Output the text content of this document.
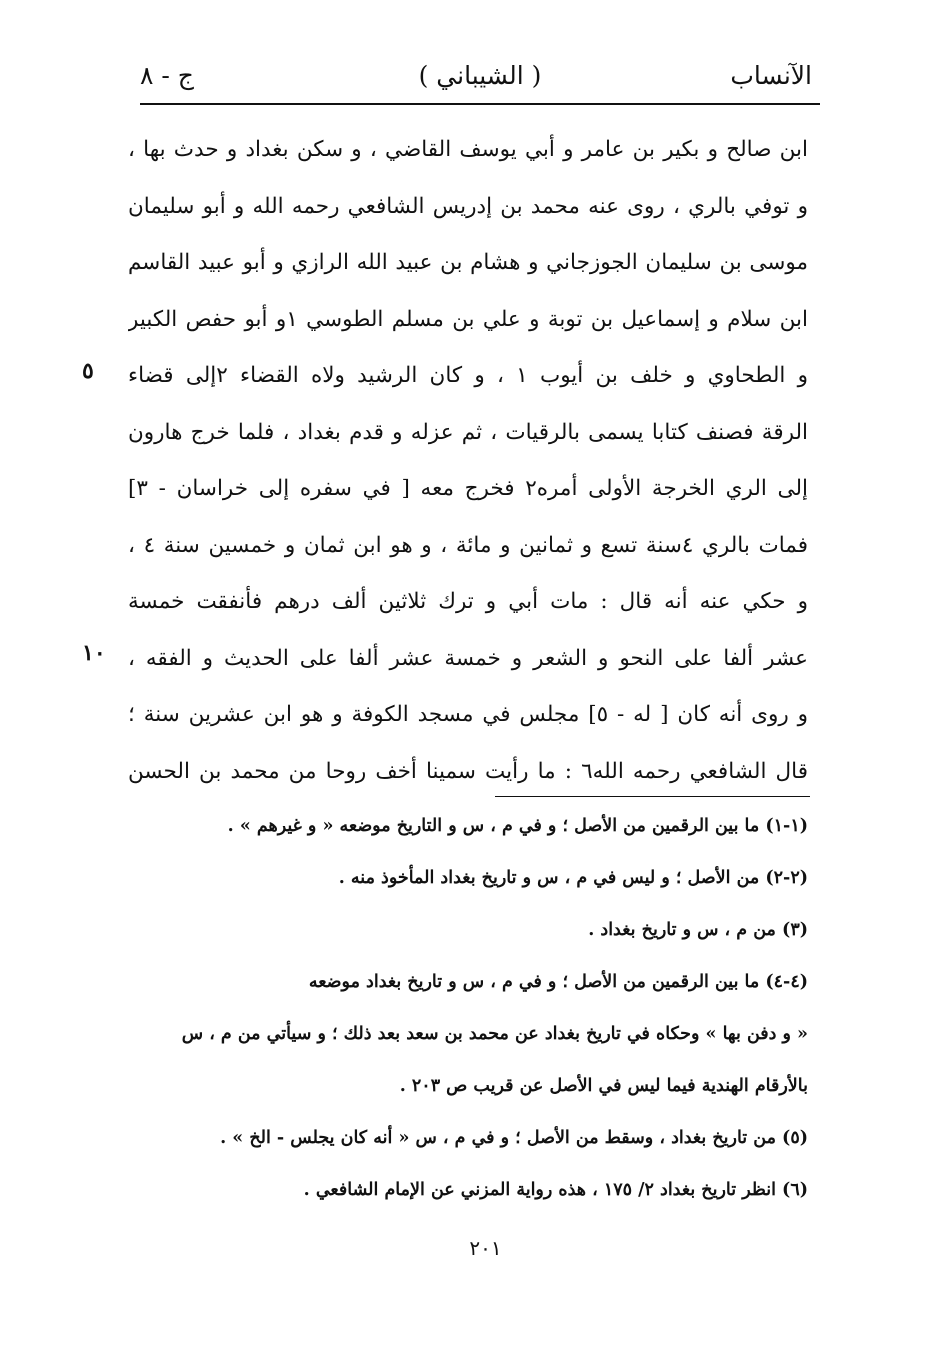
الآنساب
( الشيباني )
ج - ٨
ابن صالح و بكير بن عامر و أبي يوسف القاضي ، و سكن بغداد و حدث بها ،
و توفي بالري ، روى عنه محمد بن إدريس الشافعي رحمه الله و أبو سليمان
موسى بن سليمان الجوزجاني و هشام بن عبيد الله الرازي و أبو عبيد القاسم
ابن سلام و إسماعيل بن توبة و علي بن مسلم الطوسي ١و أبو حفص الكبير
و الطحاوي و خلف بن أيوب ١ ، و كان الرشيد ولاه القضاء ٢إلى قضاء
الرقة فصنف كتابا يسمى بالرقيات ، ثم عزله و قدم بغداد ، فلما خرج هارون
إلى الري الخرجة الأولى أمره٢ فخرج معه [ في سفره إلى خراسان - ٣]
فمات بالري ٤سنة تسع و ثمانين و مائة ، و هو ابن ثمان و خمسين سنة ٤ ،
و حكي عنه أنه قال : مات أبي و ترك ثلاثين ألف درهم فأنفقت خمسة
عشر ألفا على النحو و الشعر و خمسة عشر ألفا على الحديث و الفقه ،
و روى أنه كان [ له - ٥] مجلس في مسجد الكوفة و هو ابن عشرين سنة ؛
قال الشافعي رحمه الله٦ : ما رأيت سمينا أخف روحا من محمد بن الحسن
٥
١٠
(١-١) ما بين الرقمين من الأصل ؛ و في م ، س و التاريخ موضعه « و غيرهم » .
(٢-٢) من الأصل ؛ و ليس في م ، س و تاريخ بغداد المأخوذ منه .
(٣) من م ، س و تاريخ بغداد .
(٤-٤) ما بين الرقمين من الأصل ؛ و في م ، س و تاريخ بغداد موضعه
« و دفن بها » وحكاه في تاريخ بغداد عن محمد بن سعد بعد ذلك ؛ و سيأتي من م ، س
بالأرقام الهندية فيما ليس في الأصل عن قريب ص ٢٠٣ .
(٥) من تاريخ بغداد ، وسقط من الأصل ؛ و في م ، س « أنه كان يجلس - الخ » .
(٦) انظر تاريخ بغداد ٢/ ١٧٥ ، هذه رواية المزني عن الإمام الشافعي .
٢٠١
